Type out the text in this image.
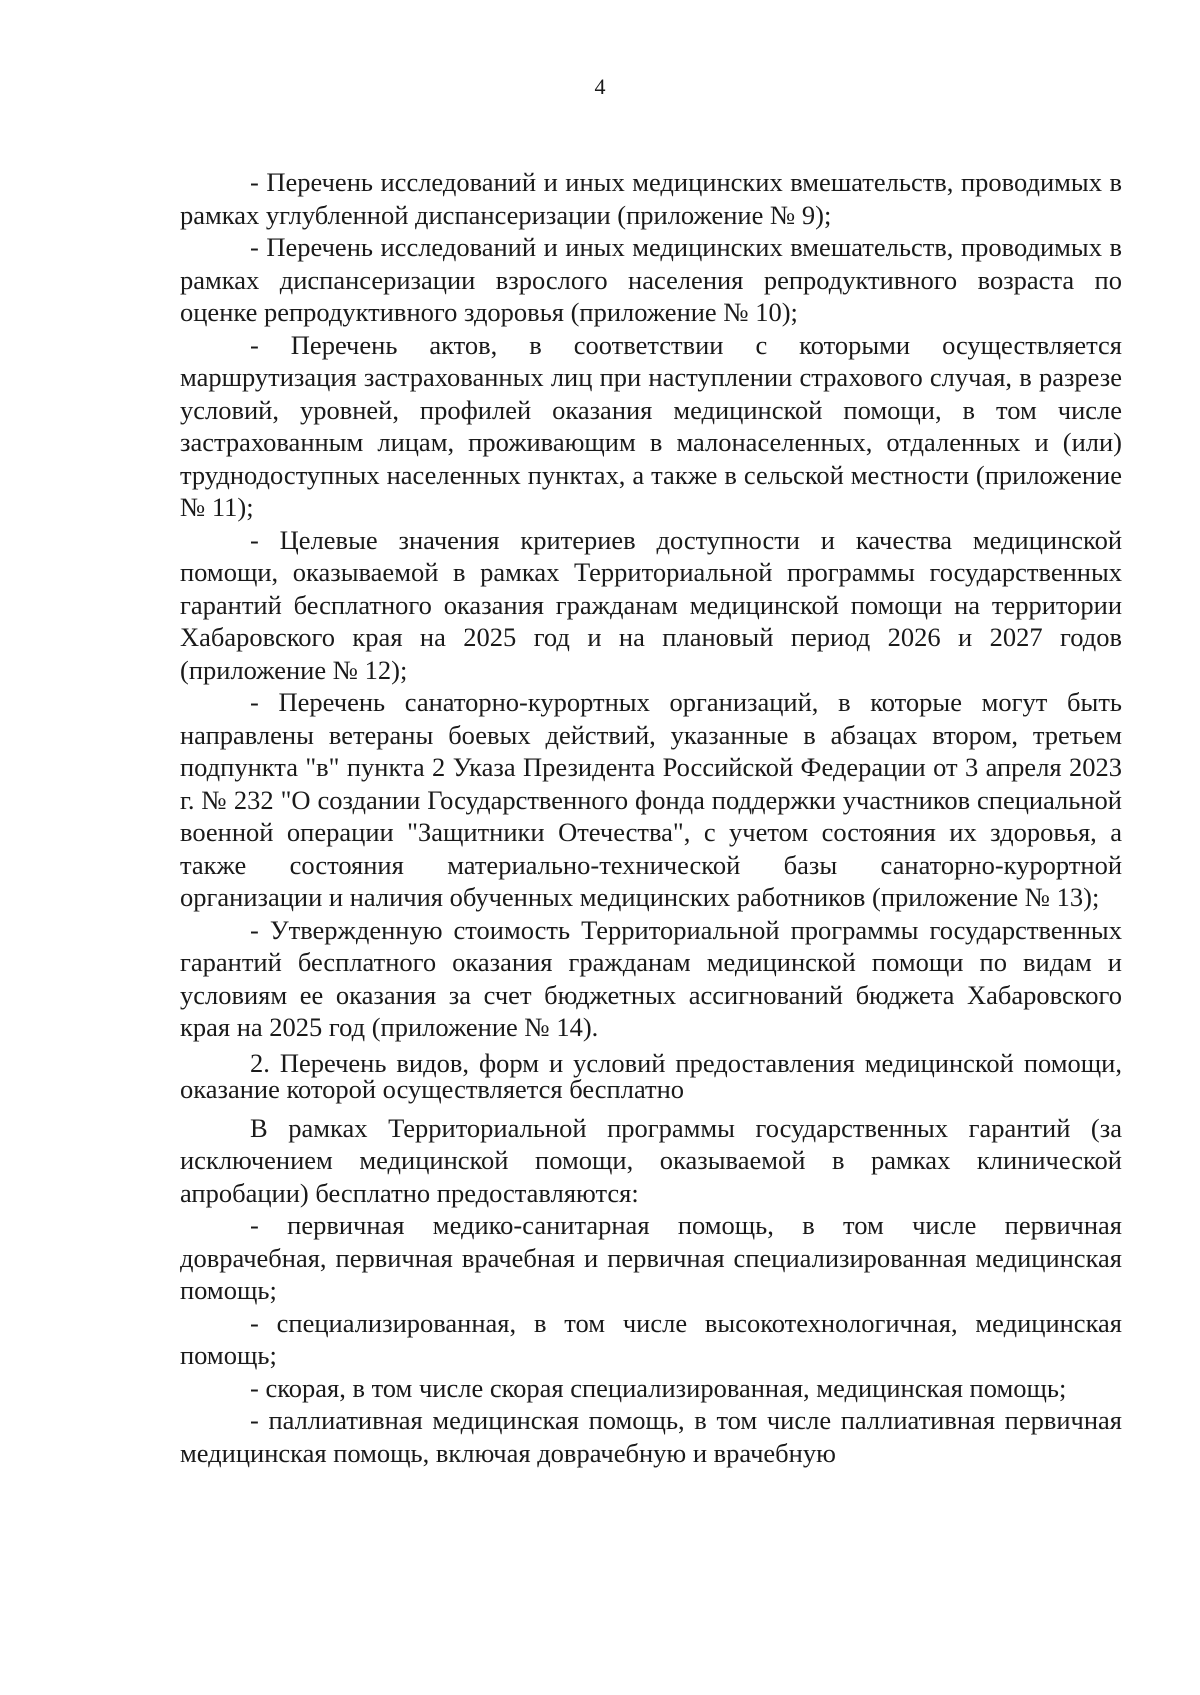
4

- Перечень исследований и иных медицинских вмешательств, проводимых в рамках углубленной диспансеризации (приложение № 9);

- Перечень исследований и иных медицинских вмешательств, проводимых в рамках диспансеризации взрослого населения репродуктивного возраста по оценке репродуктивного здоровья (приложение № 10);

- Перечень актов, в соответствии с которыми осуществляется маршрутизация застрахованных лиц при наступлении страхового случая, в разрезе условий, уровней, профилей оказания медицинской помощи, в том числе застрахованным лицам, проживающим в малонаселенных, отдаленных и (или) труднодоступных населенных пунктах, а также в сельской местности (приложение № 11);

- Целевые значения критериев доступности и качества медицинской помощи, оказываемой в рамках Территориальной программы государственных гарантий бесплатного оказания гражданам медицинской помощи на территории Хабаровского края на 2025 год и на плановый период 2026 и 2027 годов (приложение № 12);

- Перечень санаторно-курортных организаций, в которые могут быть направлены ветераны боевых действий, указанные в абзацах втором, третьем подпункта "в" пункта 2 Указа Президента Российской Федерации от 3 апреля 2023 г. № 232 "О создании Государственного фонда поддержки участников специальной военной операции "Защитники Отечества", с учетом состояния их здоровья, а также состояния материально-технической базы санаторно-курортной организации и наличия обученных медицинских работников (приложение № 13);

- Утвержденную стоимость Территориальной программы государственных гарантий бесплатного оказания гражданам медицинской помощи по видам и условиям ее оказания за счет бюджетных ассигнований бюджета Хабаровского края на 2025 год (приложение № 14).

2. Перечень видов, форм и условий предоставления медицинской помощи, оказание которой осуществляется бесплатно

В рамках Территориальной программы государственных гарантий (за исключением медицинской помощи, оказываемой в рамках клинической апробации) бесплатно предоставляются:

- первичная медико-санитарная помощь, в том числе первичная доврачебная, первичная врачебная и первичная специализированная медицинская помощь;

- специализированная, в том числе высокотехнологичная, медицинская помощь;

- скорая, в том числе скорая специализированная, медицинская помощь;

- паллиативная медицинская помощь, в том числе паллиативная первичная медицинская помощь, включая доврачебную и врачебную
